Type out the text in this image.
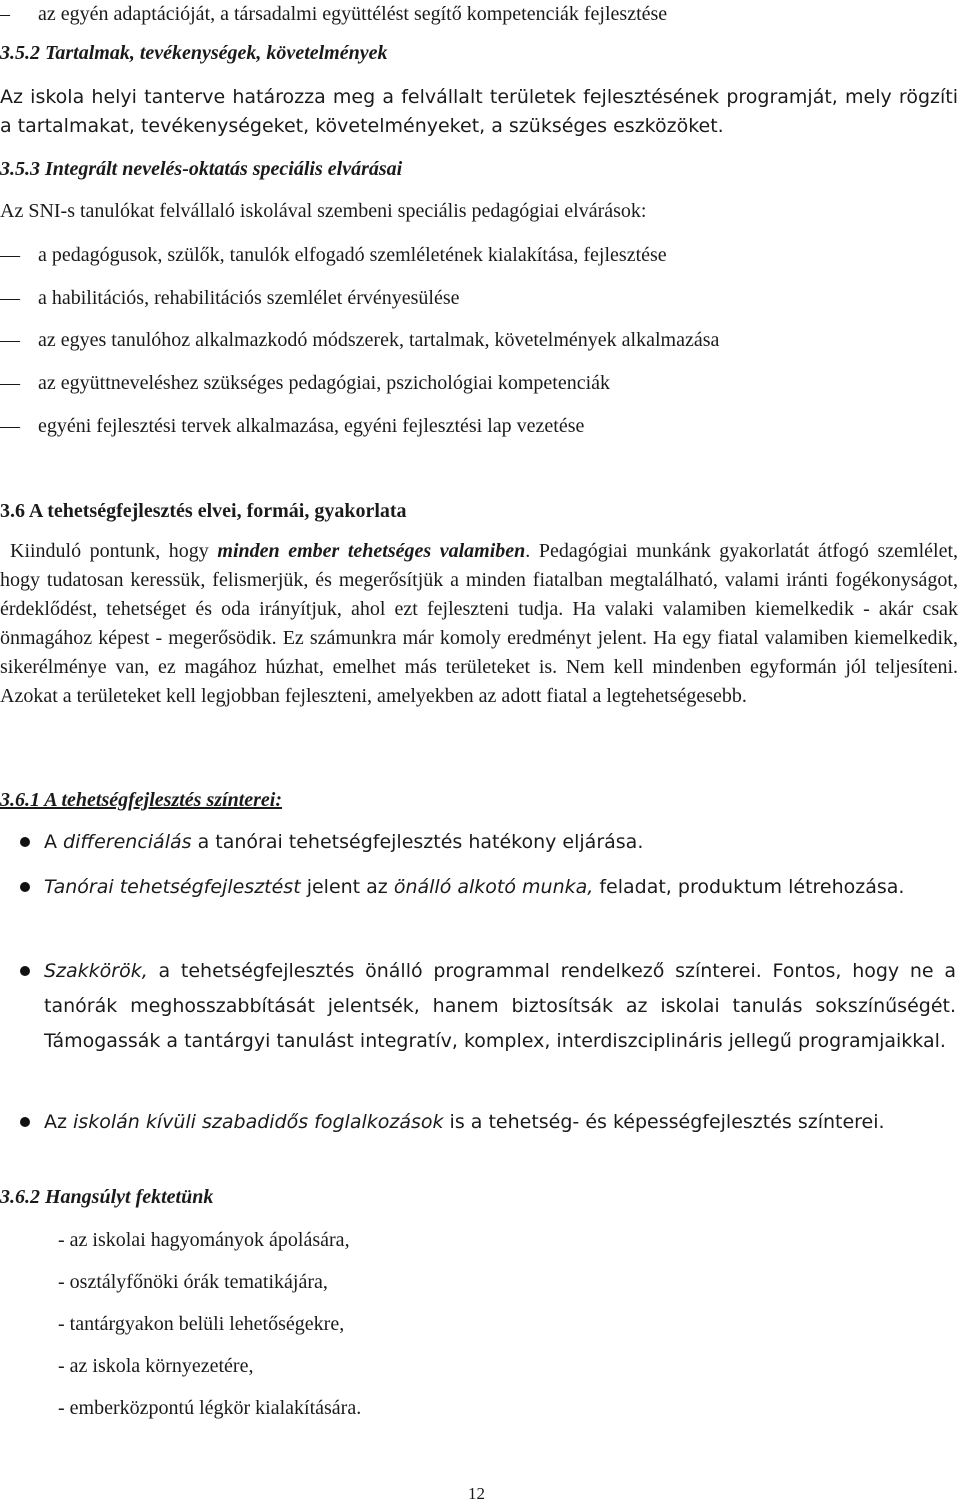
– az egyén adaptációját, a társadalmi együttélést segítő kompetenciák fejlesztése
3.5.2 Tartalmak, tevékenységek, követelmények
Az iskola helyi tanterve határozza meg a felvállalt területek fejlesztésének programját, mely rögzíti a tartalmakat, tevékenységeket, követelményeket, a szükséges eszközöket.
3.5.3 Integrált nevelés-oktatás speciális elvárásai
Az SNI-s tanulókat felvállaló iskolával szembeni speciális pedagógiai elvárások:
— a pedagógusok, szülők, tanulók elfogadó szemléletének kialakítása, fejlesztése
— a habilitációs, rehabilitációs szemlélet érvényesülése
— az egyes tanulóhoz alkalmazkodó módszerek, tartalmak, követelmények alkalmazása
— az együttneveléshez szükséges pedagógiai, pszichológiai kompetenciák
— egyéni fejlesztési tervek alkalmazása, egyéni fejlesztési lap vezetése
3.6 A tehetségfejlesztés elvei, formái, gyakorlata
Kiinduló pontunk, hogy minden ember tehetséges valamiben. Pedagógiai munkánk gyakorlatát átfogó szemlélet, hogy tudatosan keressük, felismerjük, és megerősítjük a minden fiatalban megtalálható, valami iránti fogékonyságot, érdeklődést, tehetséget és oda irányítjuk, ahol ezt fejleszteni tudja. Ha valaki valamiben kiemelkedik - akár csak önmagához képest - megerősödik. Ez számunkra már komoly eredményt jelent. Ha egy fiatal valamiben kiemelkedik, sikerélménye van, ez magához húzhat, emelhet más területeket is. Nem kell mindenben egyformán jól teljesíteni. Azokat a területeket kell legjobban fejleszteni, amelyekben az adott fiatal a legtehetségesebb.
3.6.1 A tehetségfejlesztés színterei:
A differenciálás a tanórai tehetségfejlesztés hatékony eljárása.
Tanórai tehetségfejlesztést jelent az önálló alkotó munka, feladat, produktum létrehozása.
Szakkörök, a tehetségfejlesztés önálló programmal rendelkező színterei. Fontos, hogy ne a tanórák meghosszabbítását jelentsék, hanem biztosítsák az iskolai tanulás sokszínűségét. Támogassák a tantárgyi tanulást integratív, komplex, interdiszciplináris jellegű programjaikkal.
Az iskolán kívüli szabadidős foglalkozások is a tehetség- és képességfejlesztés színterei.
3.6.2 Hangsúlyt fektetünk
- az iskolai hagyományok ápolására,
- osztályfőnöki órák tematikájára,
- tantárgyakon belüli lehetőségekre,
- az iskola környezetére,
- emberközpontú légkör kialakítására.
12
